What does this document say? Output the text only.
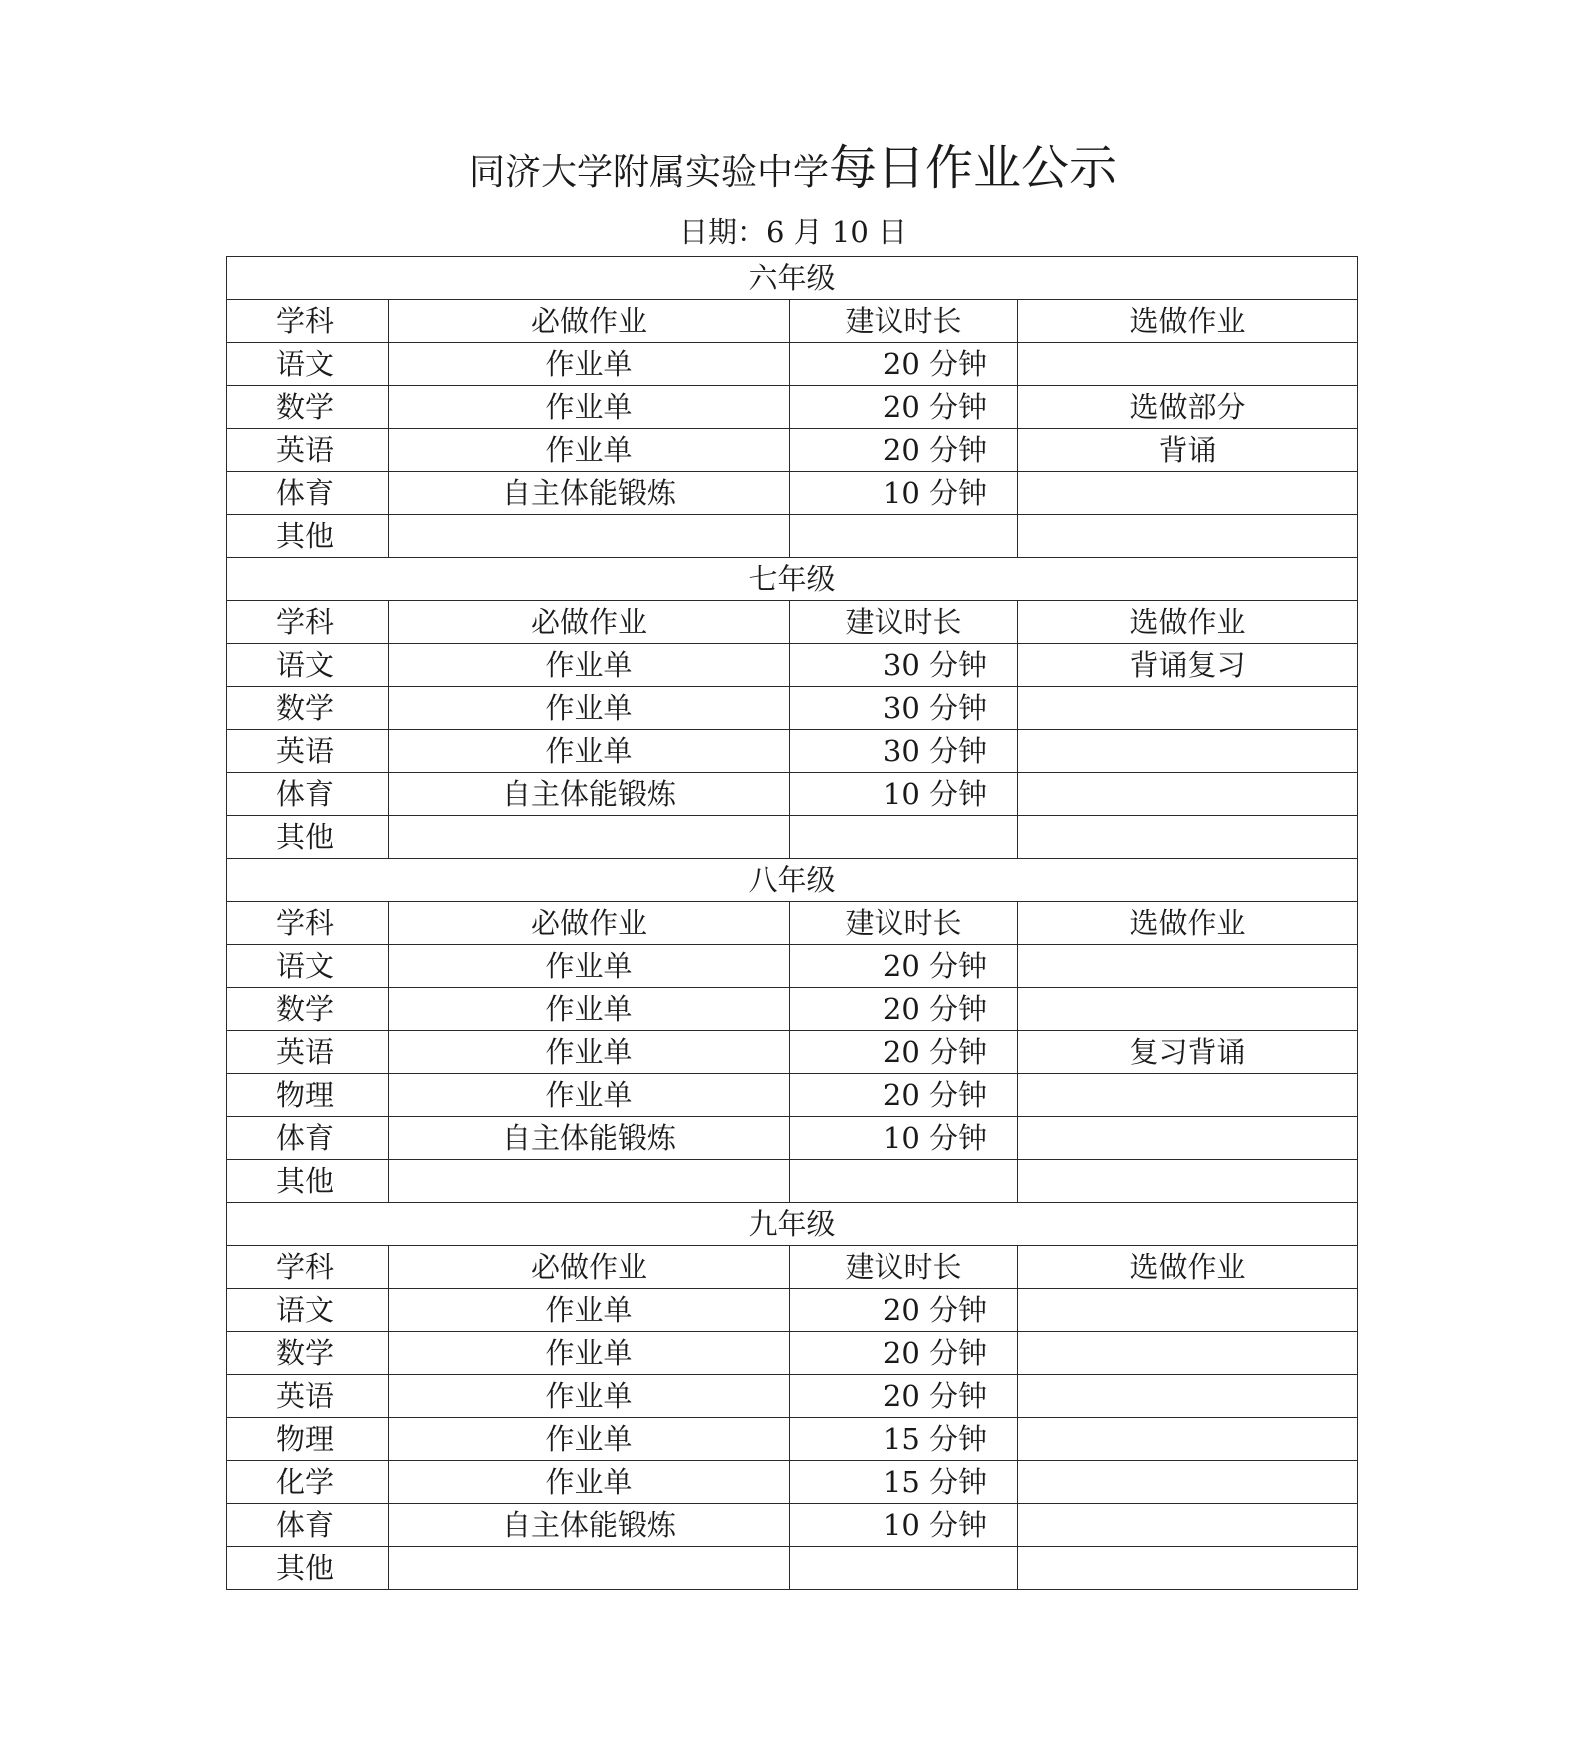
同济大学附属实验中学每日作业公示
日期：6 月 10 日
六年级			
学科	必做作业	建议时长	选做作业
语文	作业单	20 分钟	
数学	作业单	20 分钟	选做部分
英语	作业单	20 分钟	背诵
体育	自主体能锻炼	10 分钟	
其他			
七年级			
学科	必做作业	建议时长	选做作业
语文	作业单	30 分钟	背诵复习
数学	作业单	30 分钟	
英语	作业单	30 分钟	
体育	自主体能锻炼	10 分钟	
其他			
八年级			
学科	必做作业	建议时长	选做作业
语文	作业单	20 分钟	
数学	作业单	20 分钟	
英语	作业单	20 分钟	复习背诵
物理	作业单	20 分钟	
体育	自主体能锻炼	10 分钟	
其他			
九年级			
学科	必做作业	建议时长	选做作业
语文	作业单	20 分钟	
数学	作业单	20 分钟	
英语	作业单	20 分钟	
物理	作业单	15 分钟	
化学	作业单	15 分钟	
体育	自主体能锻炼	10 分钟	
其他			
